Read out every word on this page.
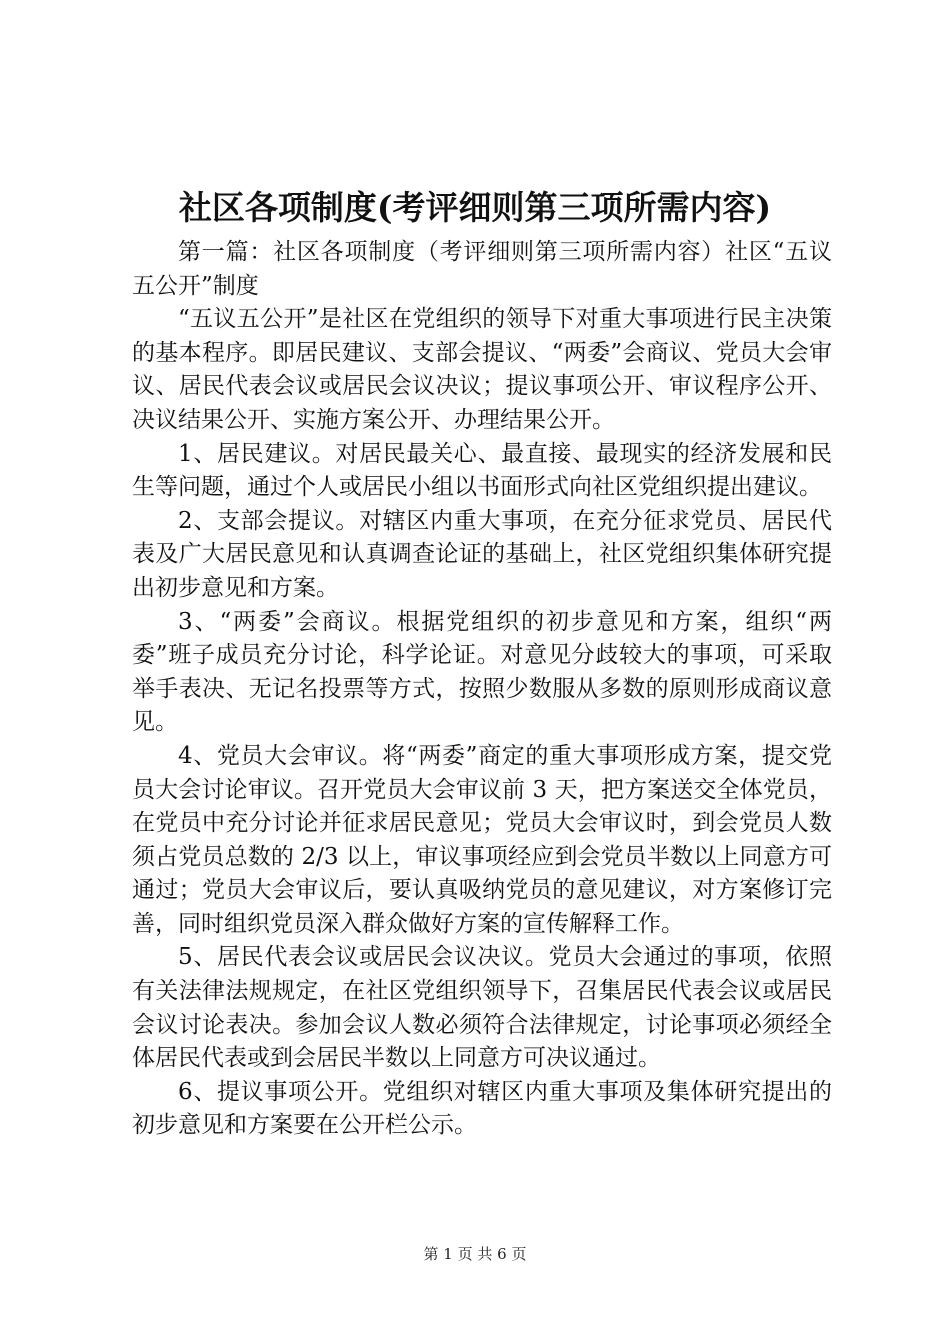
社区各项制度(考评细则第三项所需内容)

第一篇：社区各项制度（考评细则第三项所需内容）社区“五议五公开”制度

“五议五公开”是社区在党组织的领导下对重大事项进行民主决策的基本程序。即居民建议、支部会提议、“两委”会商议、党员大会审议、居民代表会议或居民会议决议；提议事项公开、审议程序公开、决议结果公开、实施方案公开、办理结果公开。

1、居民建议。对居民最关心、最直接、最现实的经济发展和民生等问题，通过个人或居民小组以书面形式向社区党组织提出建议。

2、支部会提议。对辖区内重大事项，在充分征求党员、居民代表及广大居民意见和认真调查论证的基础上，社区党组织集体研究提出初步意见和方案。

3、“两委”会商议。根据党组织的初步意见和方案，组织“两委”班子成员充分讨论，科学论证。对意见分歧较大的事项，可采取举手表决、无记名投票等方式，按照少数服从多数的原则形成商议意见。

4、党员大会审议。将“两委”商定的重大事项形成方案，提交党员大会讨论审议。召开党员大会审议前 3 天，把方案送交全体党员，在党员中充分讨论并征求居民意见；党员大会审议时，到会党员人数须占党员总数的 2/3 以上，审议事项经应到会党员半数以上同意方可通过；党员大会审议后，要认真吸纳党员的意见建议，对方案修订完善，同时组织党员深入群众做好方案的宣传解释工作。

5、居民代表会议或居民会议决议。党员大会通过的事项，依照有关法律法规规定，在社区党组织领导下，召集居民代表会议或居民会议讨论表决。参加会议人数必须符合法律规定，讨论事项必须经全体居民代表或到会居民半数以上同意方可决议通过。

6、提议事项公开。党组织对辖区内重大事项及集体研究提出的初步意见和方案要在公开栏公示。

第 1 页 共 6 页
